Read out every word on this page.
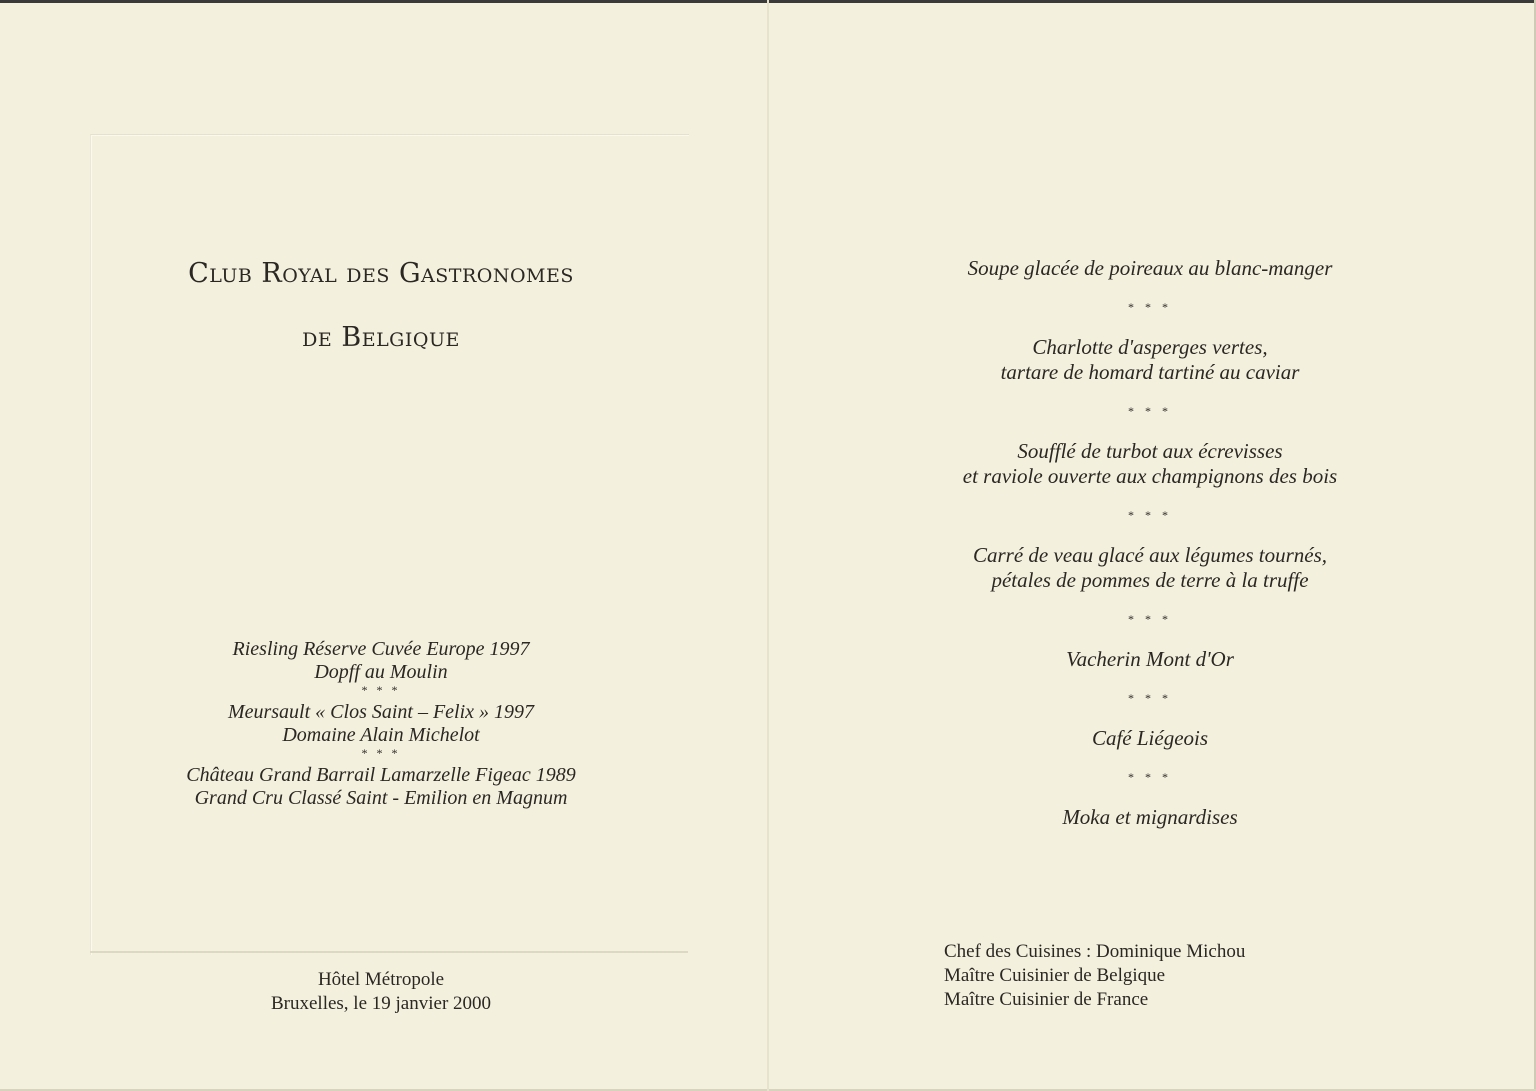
Club Royal des Gastronomes
de Belgique
Riesling Réserve Cuvée Europe 1997
Dopff au Moulin
* * *
Meursault « Clos Saint – Felix » 1997
Domaine Alain Michelot
* * *
Château Grand Barrail Lamarzelle Figeac 1989
Grand Cru Classé Saint - Emilion en Magnum
Hôtel Métropole
Bruxelles, le 19 janvier 2000
Soupe glacée de poireaux au blanc-manger
* * *
Charlotte d'asperges vertes,
tartare de homard tartiné au caviar
* * *
Soufflé de turbot aux écrevisses
et raviole ouverte aux champignons des bois
* * *
Carré de veau glacé aux légumes tournés,
pétales de pommes de terre à la truffe
* * *
Vacherin Mont d'Or
* * *
Café Liégeois
* * *
Moka et mignardises
Chef des Cuisines : Dominique Michou
Maître Cuisinier de Belgique
Maître Cuisinier de France
